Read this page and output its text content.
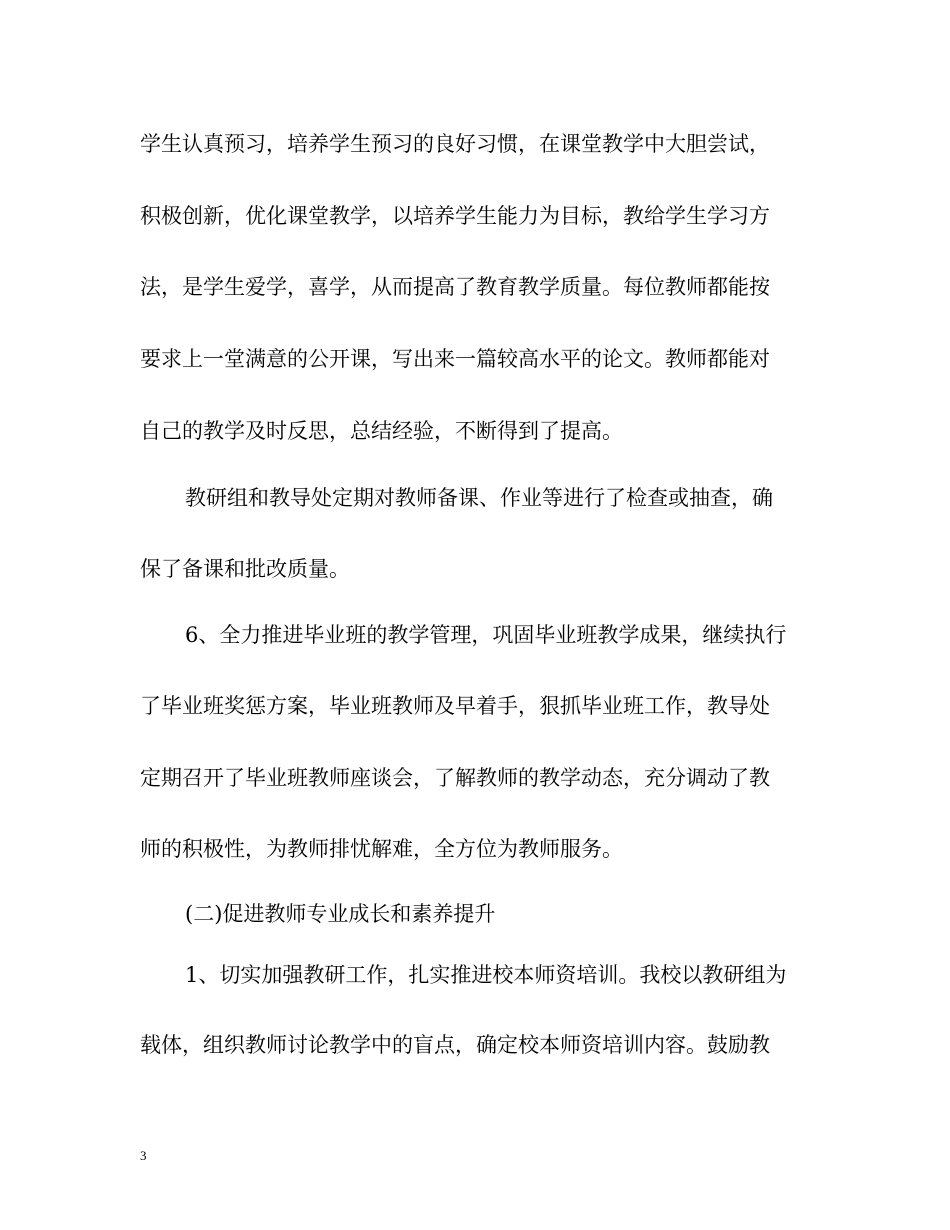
学生认真预习，培养学生预习的良好习惯，在课堂教学中大胆尝试，
积极创新，优化课堂教学，以培养学生能力为目标，教给学生学习方
法，是学生爱学，喜学，从而提高了教育教学质量。每位教师都能按
要求上一堂满意的公开课，写出来一篇较高水平的论文。教师都能对
自己的教学及时反思，总结经验，不断得到了提高。
教研组和教导处定期对教师备课、作业等进行了检查或抽查，确
保了备课和批改质量。
6、全力推进毕业班的教学管理，巩固毕业班教学成果，继续执行
了毕业班奖惩方案，毕业班教师及早着手，狠抓毕业班工作，教导处
定期召开了毕业班教师座谈会，了解教师的教学动态，充分调动了教
师的积极性，为教师排忧解难，全方位为教师服务。
(二)促进教师专业成长和素养提升
1、切实加强教研工作，扎实推进校本师资培训。我校以教研组为
载体，组织教师讨论教学中的盲点，确定校本师资培训内容。鼓励教
3
